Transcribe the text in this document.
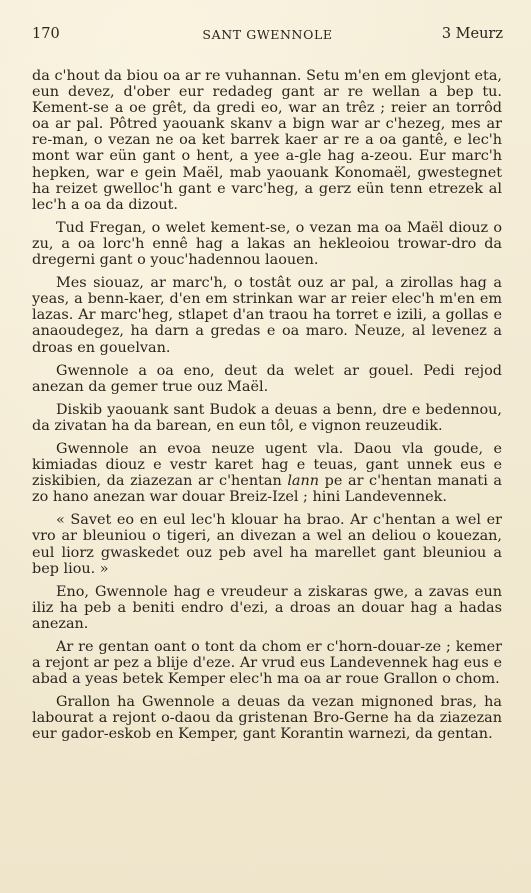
170	SANT GWENNOLE	3 Meurz

da c'hout da biou oa ar re vuhannan. Setu m'en em glevjont eta, eun devez, d'ober eur redadeg gant ar re wellan a bep tu. Kement-se a oe grêt, da gredi eo, war an trêz ; reier an torrôd oa ar pal. Pôtred yaouank skanv a bign war ar c'hezeg, mes ar re-man, o vezan ne oa ket barrek kaer ar re a oa gantê, e lec'h mont war eün gant o hent, a yee a-gle hag a-zeou. Eur marc'h hepken, war e gein Maël, mab yaouank Konomaël, gwestegnet ha reizet gwelloc'h gant e varc'heg, a gerz eün tenn etrezek al lec'h a oa da dizout.

Tud Fregan, o welet kement-se, o vezan ma oa Maël diouz o zu, a oa lorc'h ennê hag a lakas an hekleoiou trowar-dro da dregerni gant o youc'hadennou laouen.

Mes siouaz, ar marc'h, o tostât ouz ar pal, a zirollas hag a yeas, a benn-kaer, d'en em strinkan war ar reier elec'h m'en em lazas. Ar marc'heg, stlapet d'an traou ha torret e izili, a gollas e anaoudegez, ha darn a gredas e oa maro. Neuze, al levenez a droas en gouelvan.

Gwennole a oa eno, deut da welet ar gouel. Pedi rejod anezan da gemer true ouz Maël.

Diskib yaouank sant Budok a deuas a benn, dre e bedennou, da zivatan ha da barean, en eun tôl, e vignon reuzeudik.

Gwennole an evoa neuze ugent vla. Daou vla goude, e kimiadas diouz e vestr karet hag e teuas, gant unnek eus e ziskibien, da ziazezan ar c'hentan lann pe ar c'hentan manati a zo hano anezan war douar Breiz-Izel ; hini Landevennek.

« Savet eo en eul lec'h klouar ha brao. Ar c'hentan a wel er vro ar bleuniou o tigeri, an divezan a wel an deliou o kouezan, eul liorz gwaskedet ouz peb avel ha marellet gant bleuniou a bep liou. »

Eno, Gwennole hag e vreudeur a ziskaras gwe, a zavas eun iliz ha peb a beniti endro d'ezi, a droas an douar hag a hadas anezan.

Ar re gentan oant o tont da chom er c'horn-douar-ze ; kemer a rejont ar pez a blije d'eze. Ar vrud eus Landevennek hag eus e abad a yeas betek Kemper elec'h ma oa ar roue Grallon o chom.

Grallon ha Gwennole a deuas da vezan mignoned bras, ha labourat a rejont o-daou da gristenan Bro-Gerne ha da ziazezan eur gador-eskob en Kemper, gant Korantin warnezi, da gentan.
